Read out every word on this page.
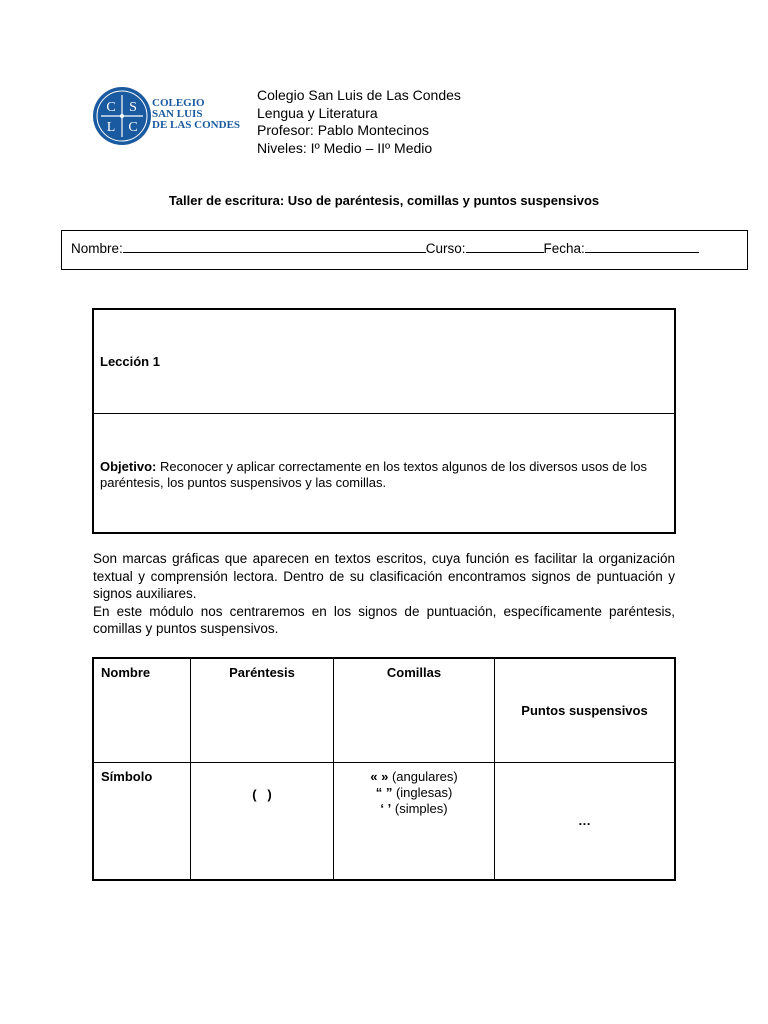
C S
L C
COLEGIO
SAN LUIS
DE LAS CONDES
Colegio San Luis de Las Condes
Lengua y Literatura
Profesor: Pablo Montecinos
Niveles: Iº Medio – IIº Medio
Taller de escritura: Uso de paréntesis, comillas y puntos suspensivos
Nombre:	Curso:	Fecha:
Lección 1
Objetivo: Reconocer y aplicar correctamente en los textos algunos de los diversos usos de los paréntesis, los puntos suspensivos y las comillas.

Son marcas gráficas que aparecen en textos escritos, cuya función es facilitar la organización textual y comprensión lectora. Dentro de su clasificación encontramos signos de puntuación y signos auxiliares.

En este módulo nos centraremos en los signos de puntuación, específicamente paréntesis, comillas y puntos suspensivos.

Nombre	Paréntesis	Comillas	Puntos suspensivos

Símbolo	(   )	« » (angulares)
“ ” (inglesas)
‘ ’ (simples)	…
